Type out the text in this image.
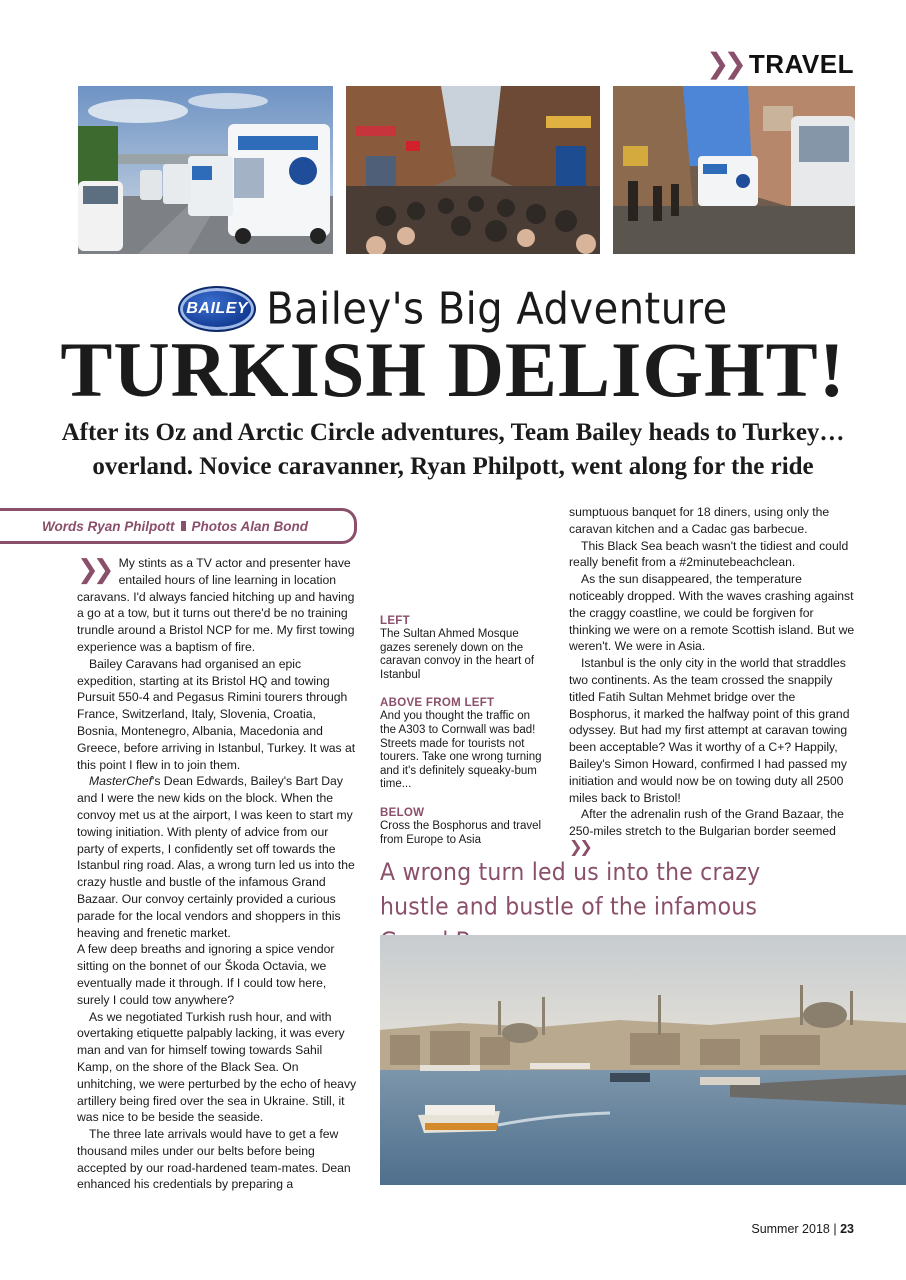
❯❯ TRAVEL
BAILEY Bailey's Big Adventure
TURKISH DELIGHT!

After its Oz and Arctic Circle adventures, Team Bailey heads to Turkey… overland. Novice caravanner, Ryan Philpott, went along for the ride

Words Ryan Philpott Photos Alan Bond

❯❯ My stints as a TV actor and presenter have entailed hours of line learning in location caravans. I'd always fancied hitching up and having a go at a tow, but it turns out there'd be no training trundle around a Bristol NCP for me. My first towing experience was a baptism of fire.

Bailey Caravans had organised an epic expedition, starting at its Bristol HQ and towing Pursuit 550-4 and Pegasus Rimini tourers through France, Switzerland, Italy, Slovenia, Croatia, Bosnia, Montenegro, Albania, Macedonia and Greece, before arriving in Istanbul, Turkey. It was at this point I flew in to join them.

MasterChef's Dean Edwards, Bailey's Bart Day and I were the new kids on the block. When the convoy met us at the airport, I was keen to start my towing initiation. With plenty of advice from our party of experts, I confidently set off towards the Istanbul ring road. Alas, a wrong turn led us into the crazy hustle and bustle of the infamous Grand Bazaar. Our convoy certainly provided a curious parade for the local vendors and shoppers in this heaving and frenetic market.

A few deep breaths and ignoring a spice vendor sitting on the bonnet of our Škoda Octavia, we eventually made it through. If I could tow here, surely I could tow anywhere?

As we negotiated Turkish rush hour, and with overtaking etiquette palpably lacking, it was every man and van for himself towing towards Sahil Kamp, on the shore of the Black Sea. On unhitching, we were perturbed by the echo of heavy artillery being fired over the sea in Ukraine. Still, it was nice to be beside the seaside.

The three late arrivals would have to get a few thousand miles under our belts before being accepted by our road-hardened team-mates. Dean enhanced his credentials by preparing a

LEFT

The Sultan Ahmed Mosque gazes serenely down on the caravan convoy in the heart of Istanbul

ABOVE FROM LEFT

And you thought the traffic on the A303 to Cornwall was bad! Streets made for tourists not tourers. Take one wrong turning and it's definitely squeaky-bum time...

BELOW

Cross the Bosphorus and travel from Europe to Asia

sumptuous banquet for 18 diners, using only the caravan kitchen and a Cadac gas barbecue.

This Black Sea beach wasn't the tidiest and could really benefit from a #2minutebeachclean.

As the sun disappeared, the temperature noticeably dropped. With the waves crashing against the craggy coastline, we could be forgiven for thinking we were on a remote Scottish island. But we weren't. We were in Asia.

Istanbul is the only city in the world that straddles two continents. As the team crossed the snappily titled Fatih Sultan Mehmet bridge over the Bosphorus, it marked the halfway point of this grand odyssey. But had my first attempt at caravan towing been acceptable? Was it worthy of a C+? Happily, Bailey's Simon Howard, confirmed I had passed my initiation and would now be on towing duty all 2500 miles back to Bristol!

After the adrenalin rush of the Grand Bazaar, the 250-miles stretch to the Bulgarian border seemed ❯❯

A wrong turn led us into the crazy hustle and bustle of the infamous

Summer 2018 | 23
